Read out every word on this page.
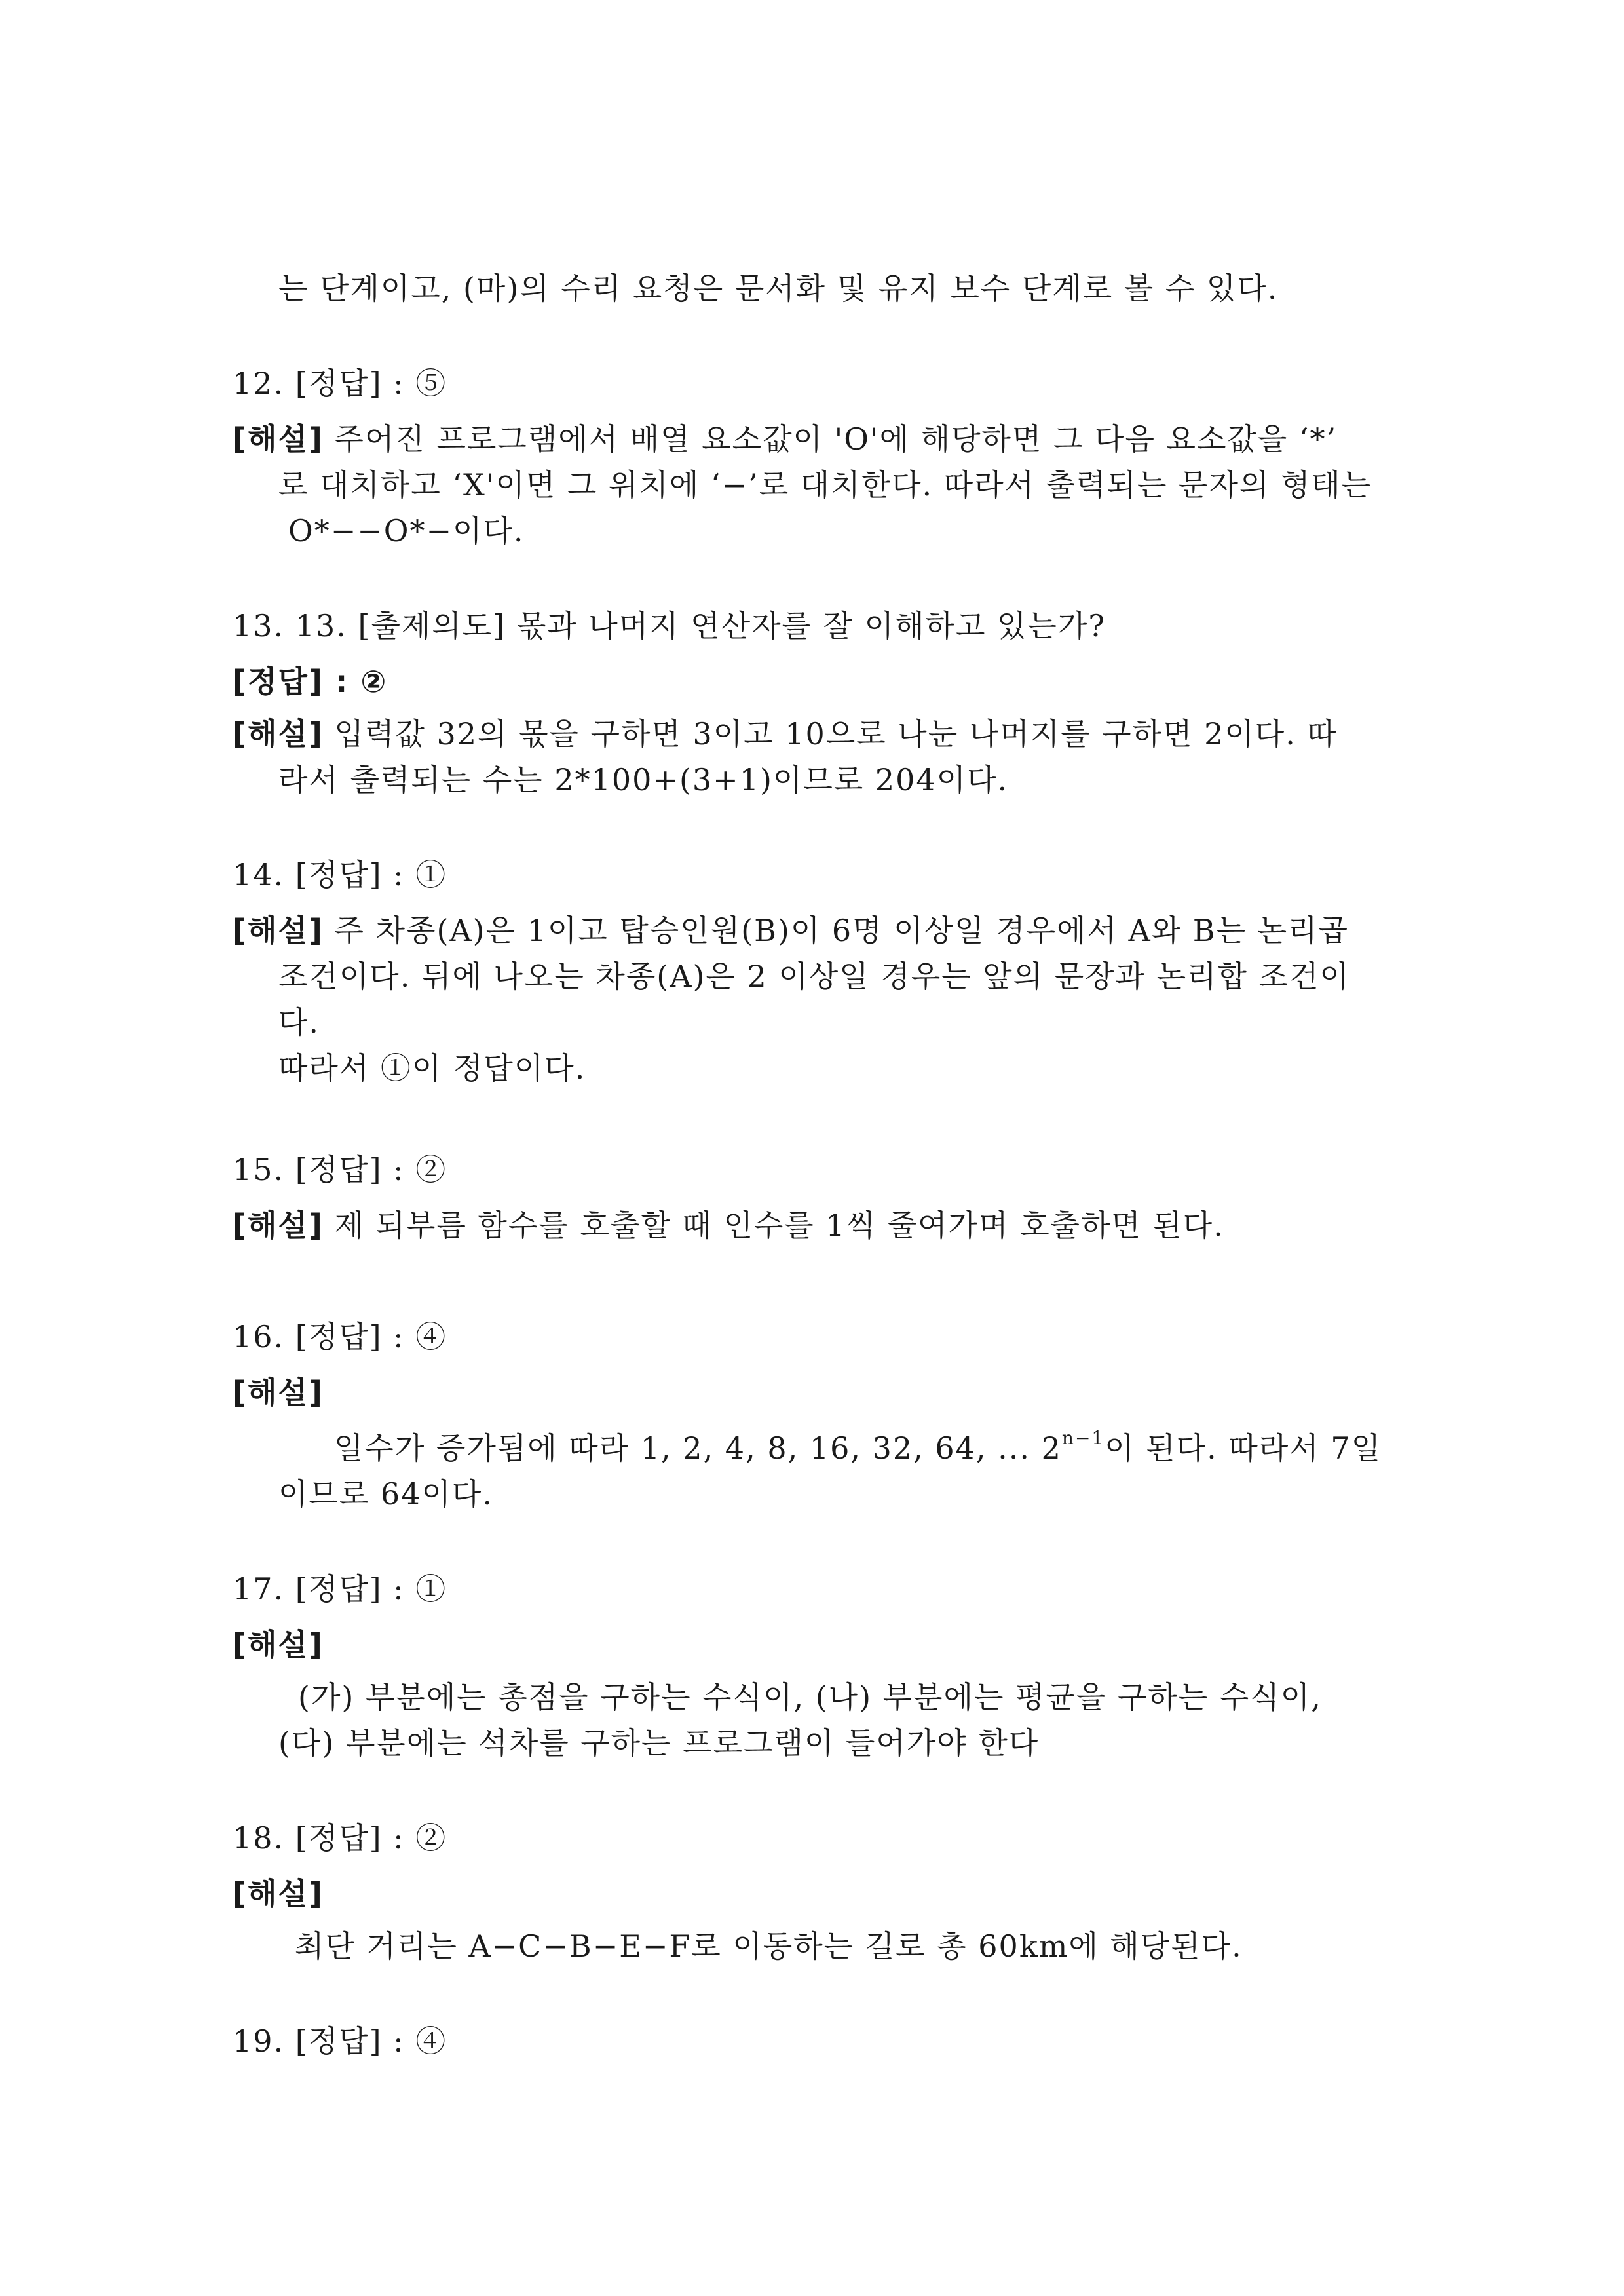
는 단계이고, (마)의 수리 요청은 문서화 및 유지 보수 단계로 볼 수 있다.
12. [정답] : ⑤
[해설] 주어진 프로그램에서 배열 요소값이 'O'에 해당하면 그 다음 요소값을 ‘*’
로 대치하고 ‘X'이면 그 위치에 ‘−’로 대치한다. 따라서 출력되는 문자의 형태는
O*−−O*−이다.
13. 13. [출제의도] 몫과 나머지 연산자를 잘 이해하고 있는가?
[정답] : ②
[해설] 입력값 32의 몫을 구하면 3이고 10으로 나눈 나머지를 구하면 2이다. 따
라서 출력되는 수는 2*100+(3+1)이므로 204이다.
14. [정답] : ①
[해설] 주 차종(A)은 1이고 탑승인원(B)이 6명 이상일 경우에서 A와 B는 논리곱
조건이다. 뒤에 나오는 차종(A)은 2 이상일 경우는 앞의 문장과 논리합 조건이
다.
따라서 ①이 정답이다.
15. [정답] : ②
[해설] 제 되부름 함수를 호출할 때 인수를 1씩 줄여가며 호출하면 된다.
16. [정답] : ④
[해설]
일수가 증가됨에 따라 1, 2, 4, 8, 16, 32, 64, ... $2^{n-1}$이 된다. 따라서 7일
이므로 64이다.
17. [정답] : ①
[해설]
(가) 부분에는 총점을 구하는 수식이, (나) 부분에는 평균을 구하는 수식이,
(다) 부분에는 석차를 구하는 프로그램이 들어가야 한다
18. [정답] : ②
[해설]
최단 거리는 A−C−B−E−F로 이동하는 길로 총 60km에 해당된다.
19. [정답] : ④
